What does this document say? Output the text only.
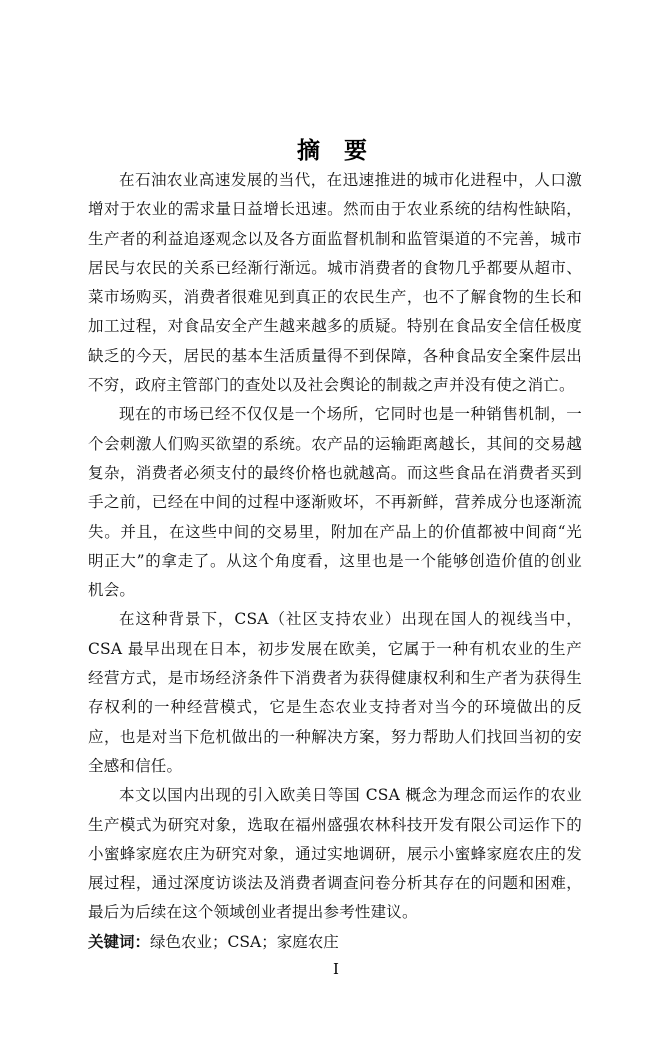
摘 要

在石油农业高速发展的当代，在迅速推进的城市化进程中，人口激增对于农业的需求量日益增长迅速。然而由于农业系统的结构性缺陷，生产者的利益追逐观念以及各方面监督机制和监管渠道的不完善，城市居民与农民的关系已经渐行渐远。城市消费者的食物几乎都要从超市、菜市场购买，消费者很难见到真正的农民生产，也不了解食物的生长和加工过程，对食品安全产生越来越多的质疑。特别在食品安全信任极度缺乏的今天，居民的基本生活质量得不到保障，各种食品安全案件层出不穷，政府主管部门的查处以及社会舆论的制裁之声并没有使之消亡。

现在的市场已经不仅仅是一个场所，它同时也是一种销售机制，一个会刺激人们购买欲望的系统。农产品的运输距离越长，其间的交易越复杂，消费者必须支付的最终价格也就越高。而这些食品在消费者买到手之前，已经在中间的过程中逐渐败坏，不再新鲜，营养成分也逐渐流失。并且，在这些中间的交易里，附加在产品上的价值都被中间商“光明正大”的拿走了。从这个角度看，这里也是一个能够创造价值的创业机会。

在这种背景下，CSA（社区支持农业）出现在国人的视线当中，CSA 最早出现在日本，初步发展在欧美，它属于一种有机农业的生产经营方式，是市场经济条件下消费者为获得健康权利和生产者为获得生存权利的一种经营模式，它是生态农业支持者对当今的环境做出的反应，也是对当下危机做出的一种解决方案，努力帮助人们找回当初的安全感和信任。

本文以国内出现的引入欧美日等国 CSA 概念为理念而运作的农业生产模式为研究对象，选取在福州盛强农林科技开发有限公司运作下的小蜜蜂家庭农庄为研究对象，通过实地调研，展示小蜜蜂家庭农庄的发展过程，通过深度访谈法及消费者调查问卷分析其存在的问题和困难，最后为后续在这个领域创业者提出参考性建议。

关键词：绿色农业；CSA；家庭农庄

I
